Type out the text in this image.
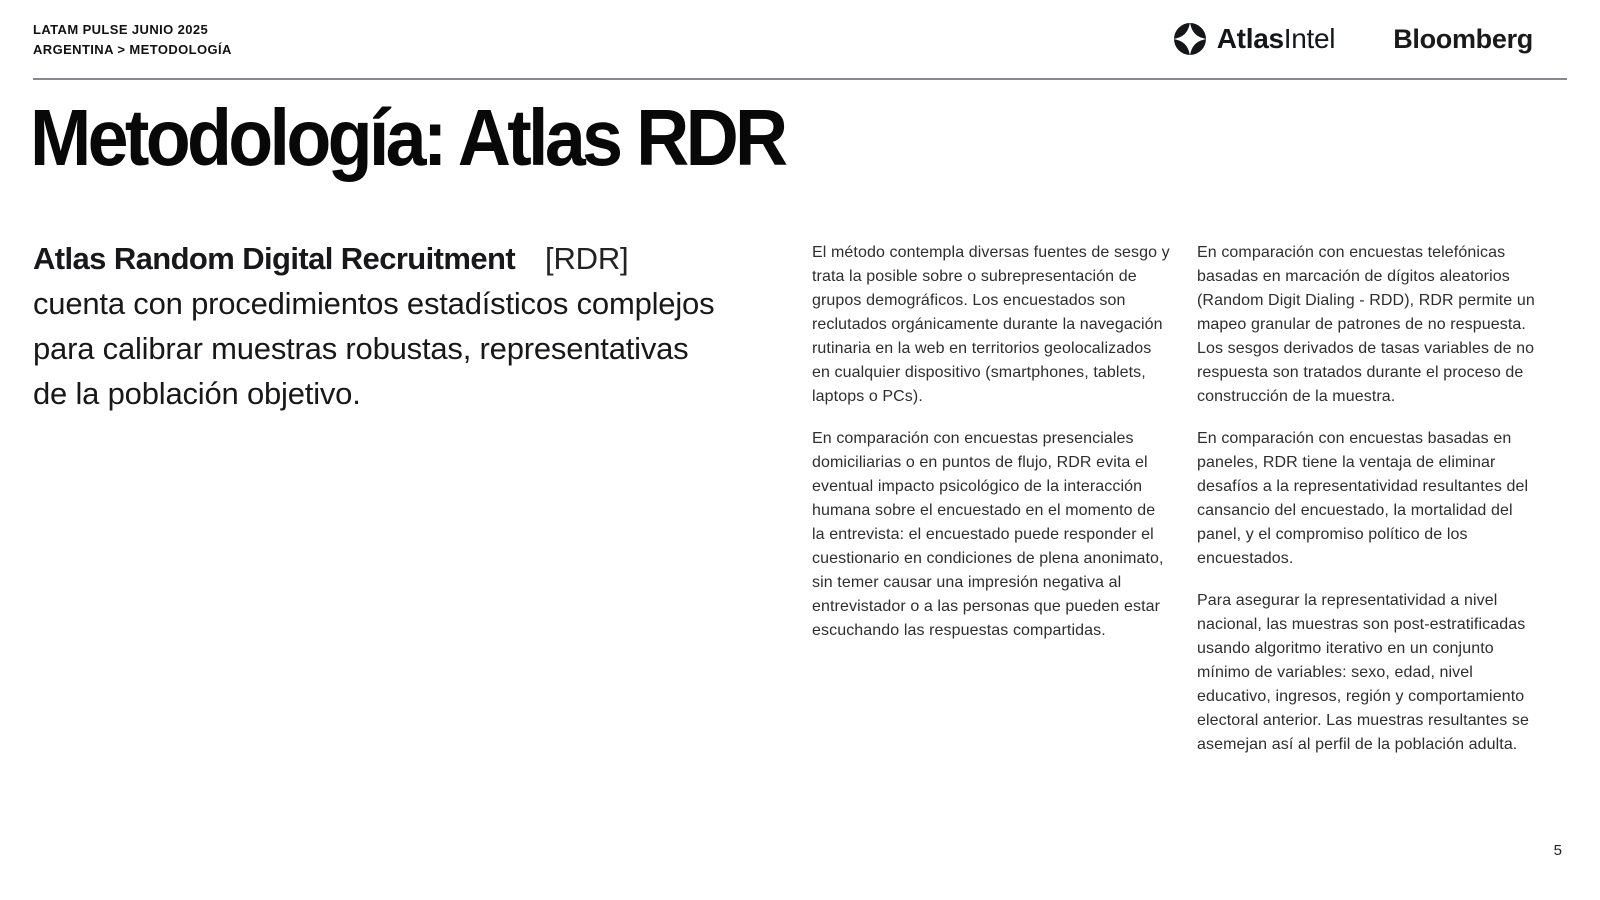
LATAM PULSE JUNIO 2025
ARGENTINA > METODOLOGÍA	AtlasIntel Bloomberg
Metodología: Atlas RDR
Atlas Random Digital Recruitment [RDR]
cuenta con procedimientos estadísticos complejos para calibrar muestras robustas, representativas de la población objetivo.

El método contempla diversas fuentes de sesgo y trata la posible sobre o subrepresentación de grupos demográficos. Los encuestados son reclutados orgánicamente durante la navegación rutinaria en la web en territorios geolocalizados en cualquier dispositivo (smartphones, tablets, laptops o PCs).

En comparación con encuestas presenciales domiciliarias o en puntos de flujo, RDR evita el eventual impacto psicológico de la interacción humana sobre el encuestado en el momento de la entrevista: el encuestado puede responder el cuestionario en condiciones de plena anonimato, sin temer causar una impresión negativa al entrevistador o a las personas que pueden estar escuchando las respuestas compartidas.

En comparación con encuestas telefónicas basadas en marcación de dígitos aleatorios (Random Digit Dialing - RDD), RDR permite un mapeo granular de patrones de no respuesta. Los sesgos derivados de tasas variables de no respuesta son tratados durante el proceso de construcción de la muestra.

En comparación con encuestas basadas en paneles, RDR tiene la ventaja de eliminar desafíos a la representatividad resultantes del cansancio del encuestado, la mortalidad del panel, y el compromiso político de los encuestados.

Para asegurar la representatividad a nivel nacional, las muestras son post-estratificadas usando algoritmo iterativo en un conjunto mínimo de variables: sexo, edad, nivel educativo, ingresos, región y comportamiento electoral anterior. Las muestras resultantes se asemejan así al perfil de la población adulta.

5
